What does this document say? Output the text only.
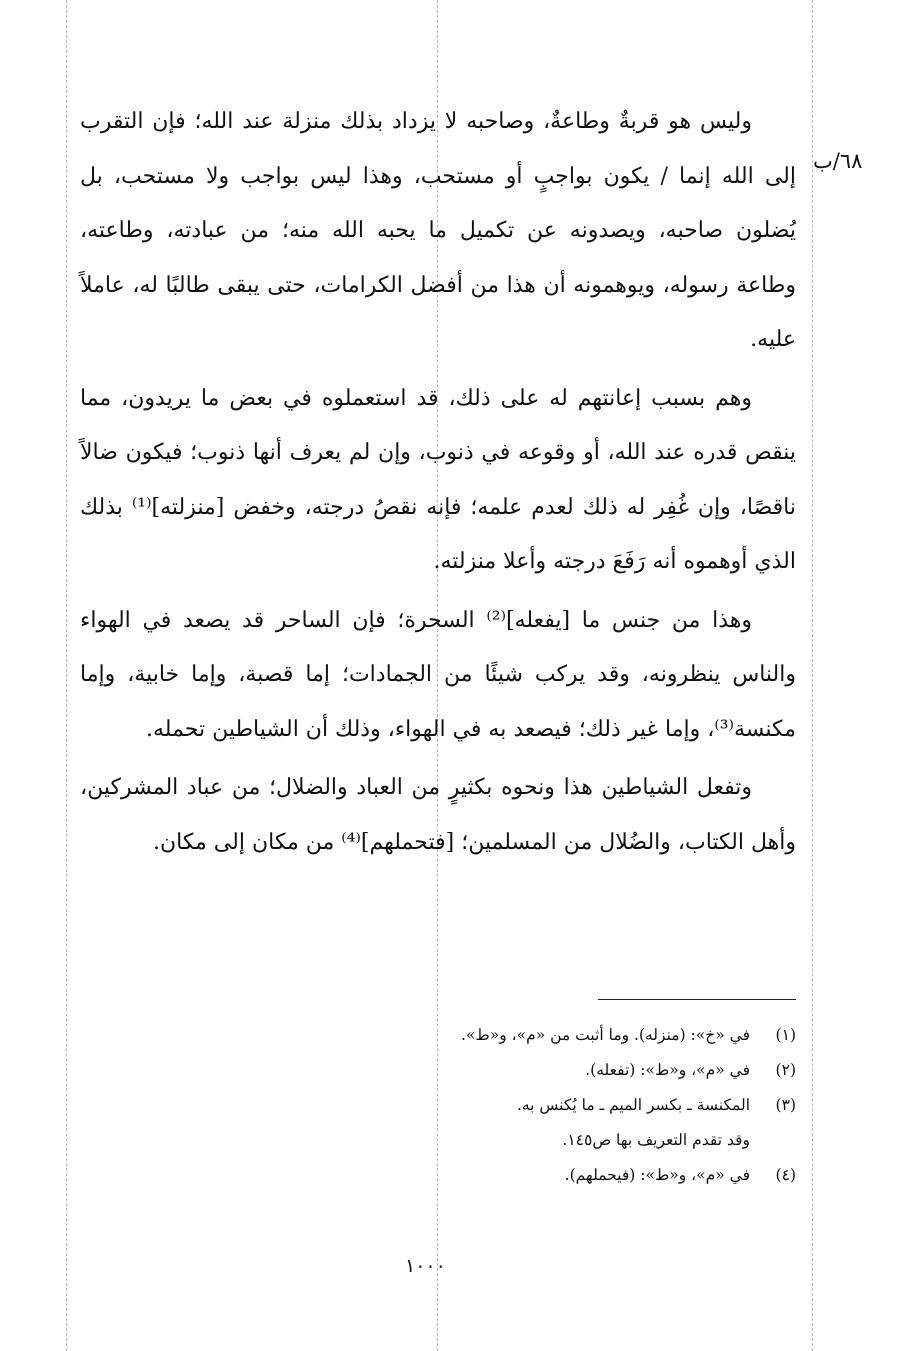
٦٨/ب

وليس هو قربةٌ وطاعةٌ، وصاحبه لا يزداد بذلك منزلة عند الله؛ فإن التقرب إلى الله إنما / يكون بواجبٍ أو مستحب، وهذا ليس بواجب ولا مستحب، بل يُضلون صاحبه، ويصدونه عن تكميل ما يحبه الله منه؛ من عبادته، وطاعته، وطاعة رسوله، ويوهمونه أن هذا من أفضل الكرامات، حتى يبقى طالبًا له، عاملاً عليه.

وهم بسبب إعانتهم له على ذلك، قد استعملوه في بعض ما يريدون، مما ينقص قدره عند الله، أو وقوعه في ذنوب، وإن لم يعرف أنها ذنوب؛ فيكون ضالاً ناقصًا، وإن غُفِر له ذلك لعدم علمه؛ فإنه نقصُ درجته، وخفض [منزلته]⁽¹⁾ بذلك الذي أوهموه أنه رَفَعَ درجته وأعلا منزلته.

وهذا من جنس ما [يفعله]⁽²⁾ السحرة؛ فإن الساحر قد يصعد في الهواء والناس ينظرونه، وقد يركب شيئًا من الجمادات؛ إما قصبة، وإما خابية، وإما مكنسة⁽³⁾، وإما غير ذلك؛ فيصعد به في الهواء، وذلك أن الشياطين تحمله.

وتفعل الشياطين هذا ونحوه بكثيرٍ من العباد والضلال؛ من عباد المشركين، وأهل الكتاب، والضُلال من المسلمين؛ [فتحملهم]⁽⁴⁾ من مكان إلى مكان.

(١)
في «خ»: (منزله). وما أثبت من «م»، و«ط».
(٢)
في «م»، و«ط»: (تفعله).
(٣)
المكنسة ـ بكسر الميم ـ ما يُكنس به.
وقد تقدم التعريف بها ص١٤٥.
(٤)
في «م»، و«ط»: (فيحملهم).
١٠٠٠
